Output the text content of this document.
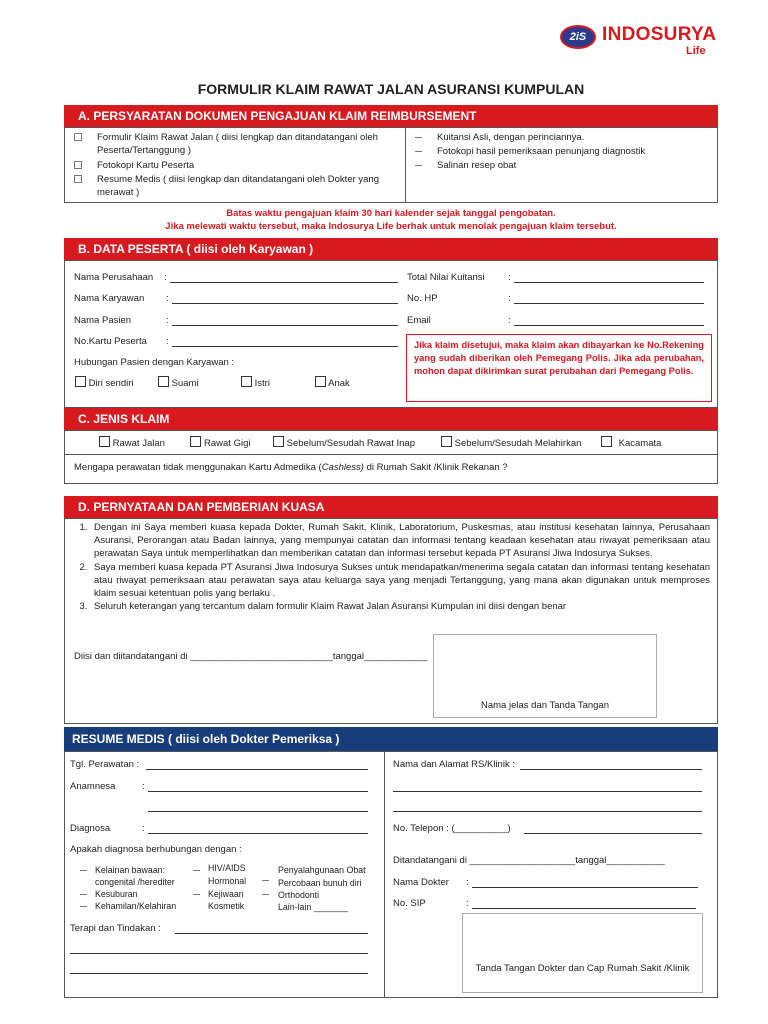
2iS INDOSURYA
Life
FORMULIR KLAIM RAWAT JALAN ASURANSI KUMPULAN
A. PERSYARATAN DOKUMEN PENGAJUAN KLAIM REIMBURSEMENT
Formulir Klaim Rawat Jalan ( diisi lengkap dan ditandatangani oleh Peserta/Tertanggung )
Fotokopi Kartu Peserta
Resume Medis ( diisi lengkap dan ditandatangani oleh Dokter yang merawat )
Kuitansi Asli, dengan perinciannya.
Fotokopi hasil pemeriksaan penunjang diagnostik
Salinan resep obat
Batas waktu pengajuan klaim 30 hari kalender sejak tanggal pengobatan.
Jika melewati waktu tersebut, maka Indosurya Life berhak untuk menolak pengajuan klaim tersebut.
B. DATA PESERTA ( diisi oleh Karyawan )
Nama Perusahaan :
Nama Karyawan :
Nama Pasien	:
No.Kartu Peserta :
Hubungan Pasien dengan Karyawan :
Diri sendiri	Suami	Istri	Anak
Total Nilai Kuitansi :
No. HP	:
Email	:
Jika klaim disetujui, maka klaim akan dibayarkan ke No.Rekening yang sudah diberikan oleh Pemegang Polis. Jika ada perubahan, mohon dapat dikirimkan surat perubahan dari Pemegang Polis.
C. JENIS KLAIM
Rawat Jalan	Rawat Gigi	Sebelum/Sesudah Rawat Inap	Sebelum/Sesudah Melahirkan	Kacamata
Mengapa perawatan tidak menggunakan Kartu Admedika (Cashless) di Rumah Sakit /Klinik Rekanan ?
D. PERNYATAAN DAN PEMBERIAN KUASA
1. Dengan ini Saya memberi kuasa kepada Dokter, Rumah Sakit, Klinik, Laboratorium, Puskesmas, atau institusi kesehatan lainnya, Perusahaan Asuransi, Perorangan atau Badan lainnya, yang mempunyai catatan dan informasi tentang keadaan kesehatan atau riwayat pemeriksaan atau perawatan Saya untuk memperlihatkan dan memberikan catatan dan informasi tersebut kepada PT Asuransi Jiwa Indosurya Sukses.
2. Saya memberi kuasa kepada PT Asuransi Jiwa Indosurya Sukses untuk mendapatkan/menerima segala catatan dan informasi tentang kesehatan atau riwayat pemeriksaan atau perawatan saya atau keluarga saya yang menjadi Tertanggung, yang mana akan digunakan untuk memproses klaim sesuai ketentuan polis yang berlaku .
3. Seluruh keterangan yang tercantum dalam formulir Klaim Rawat Jalan Asuransi Kumpulan ini diisi dengan benar
Diisi dan diitandatangani di ___________________________tanggal____________
Nama jelas dan Tanda Tangan
RESUME MEDIS ( diisi oleh Dokter Pemeriksa )
Tgl. Perawatan :
Anamnesa	:
Diagnosa	:
Apakah diagnosa berhubungan dengan :
Kelainan bawaan: congenital /herediter
Kesuburan
Kehamilan/Kelahiran
HIV/AIDS
Hormonal
Kejiwaan
Kosmetik
Penyalahgunaan Obat
Percobaan bunuh diri
Orthodonti
Lain-lain _______
Terapi dan Tindakan :
Nama dan Alamat RS/Klinik :
No. Telepon : (__________)
Ditandatangani di ____________________tanggal___________
Nama Dokter :
No. SIP	:
Tanda Tangan Dokter dan Cap Rumah Sakit /Klinik
